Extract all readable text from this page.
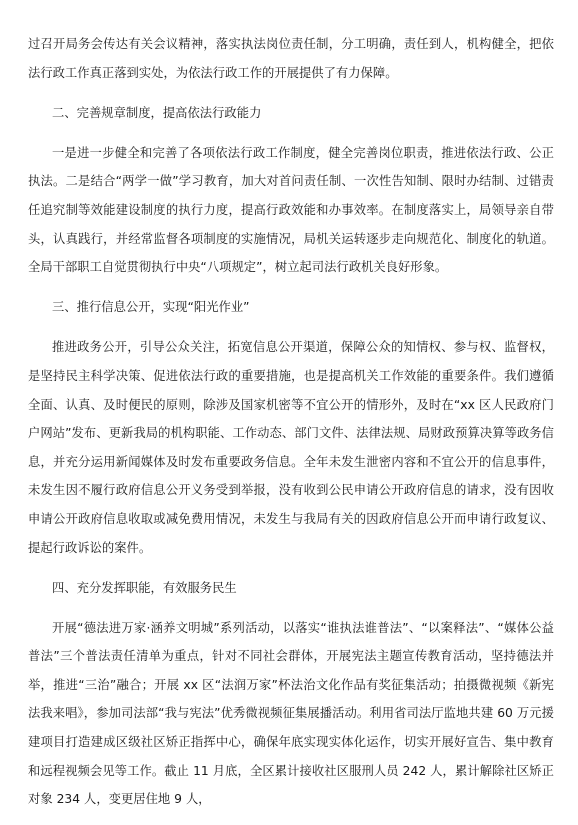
过召开局务会传达有关会议精神，落实执法岗位责任制，分工明确，责任到人，机构健全，把依法行政工作真正落到实处，为依法行政工作的开展提供了有力保障。

二、完善规章制度，提高依法行政能力

一是进一步健全和完善了各项依法行政工作制度，健全完善岗位职责，推进依法行政、公正执法。二是结合“两学一做”学习教育，加大对首问责任制、一次性告知制、限时办结制、过错责任追究制等效能建设制度的执行力度，提高行政效能和办事效率。在制度落实上，局领导亲自带头，认真践行，并经常监督各项制度的实施情况，局机关运转逐步走向规范化、制度化的轨道。全局干部职工自觉贯彻执行中央“八项规定”，树立起司法行政机关良好形象。

三、推行信息公开，实现“阳光作业”

推进政务公开，引导公众关注，拓宽信息公开渠道，保障公众的知情权、参与权、监督权，是坚持民主科学决策、促进依法行政的重要措施，也是提高机关工作效能的重要条件。我们遵循全面、认真、及时便民的原则，除涉及国家机密等不宜公开的情形外，及时在“xx 区人民政府门户网站”发布、更新我局的机构职能、工作动态、部门文件、法律法规、局财政预算决算等政务信息，并充分运用新闻媒体及时发布重要政务信息。全年未发生泄密内容和不宜公开的信息事件，未发生因不履行政府信息公开义务受到举报，没有收到公民申请公开政府信息的请求，没有因收申请公开政府信息收取或减免费用情况，未发生与我局有关的因政府信息公开而申请行政复议、提起行政诉讼的案件。

四、充分发挥职能，有效服务民生

开展“德法进万家·涵养文明城”系列活动，以落实“谁执法谁普法”、“以案释法”、“媒体公益普法”三个普法责任清单为重点，针对不同社会群体，开展宪法主题宣传教育活动，坚持德法并举，推进“三治”融合；开展 xx 区“法润万家”杯法治文化作品有奖征集活动；拍摄微视频《新宪法我来唱》，参加司法部“我与宪法”优秀微视频征集展播活动。利用省司法厅监地共建 60 万元援建项目打造建成区级社区矫正指挥中心，确保年底实现实体化运作，切实开展好宣告、集中教育和远程视频会见等工作。截止 11 月底，全区累计接收社区服刑人员 242 人，累计解除社区矫正对象 234 人，变更居住地 9 人，
